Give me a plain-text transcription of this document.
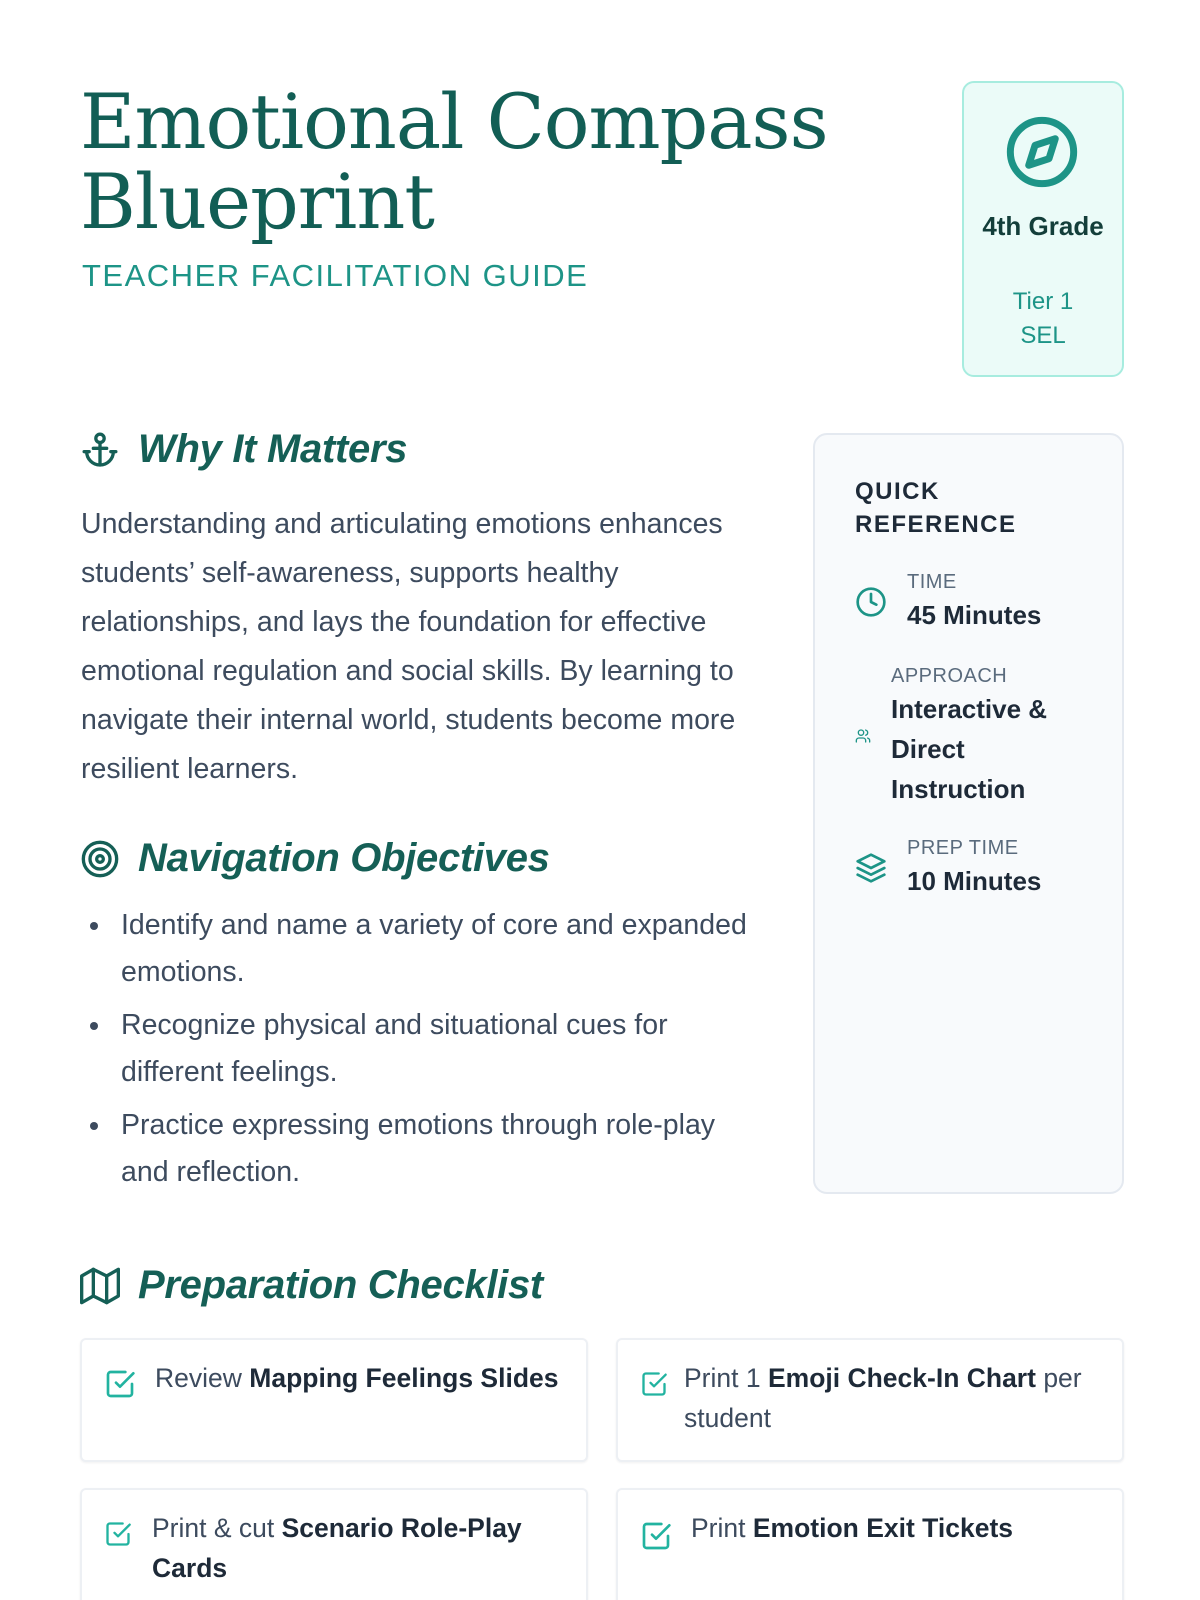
Emotional Compass Blueprint
TEACHER FACILITATION GUIDE
4th Grade
Tier 1 SEL
Why It Matters

Understanding and articulating emotions enhances students’ self-awareness, supports healthy relationships, and lays the foundation for effective emotional regulation and social skills. By learning to navigate their internal world, students become more resilient learners.

Navigation Objectives
Identify and name a variety of core and expanded emotions.
Recognize physical and situational cues for different feelings.
Practice expressing emotions through role-play and reflection.
QUICK REFERENCE
TIME
45 Minutes
APPROACH
Interactive & Direct Instruction
PREP TIME
10 Minutes
Preparation Checklist
Review Mapping Feelings Slides	Print 1 Emoji Check-In Chart per student
Print & cut Scenario Role-Play Cards
Print Emotion Exit Tickets
